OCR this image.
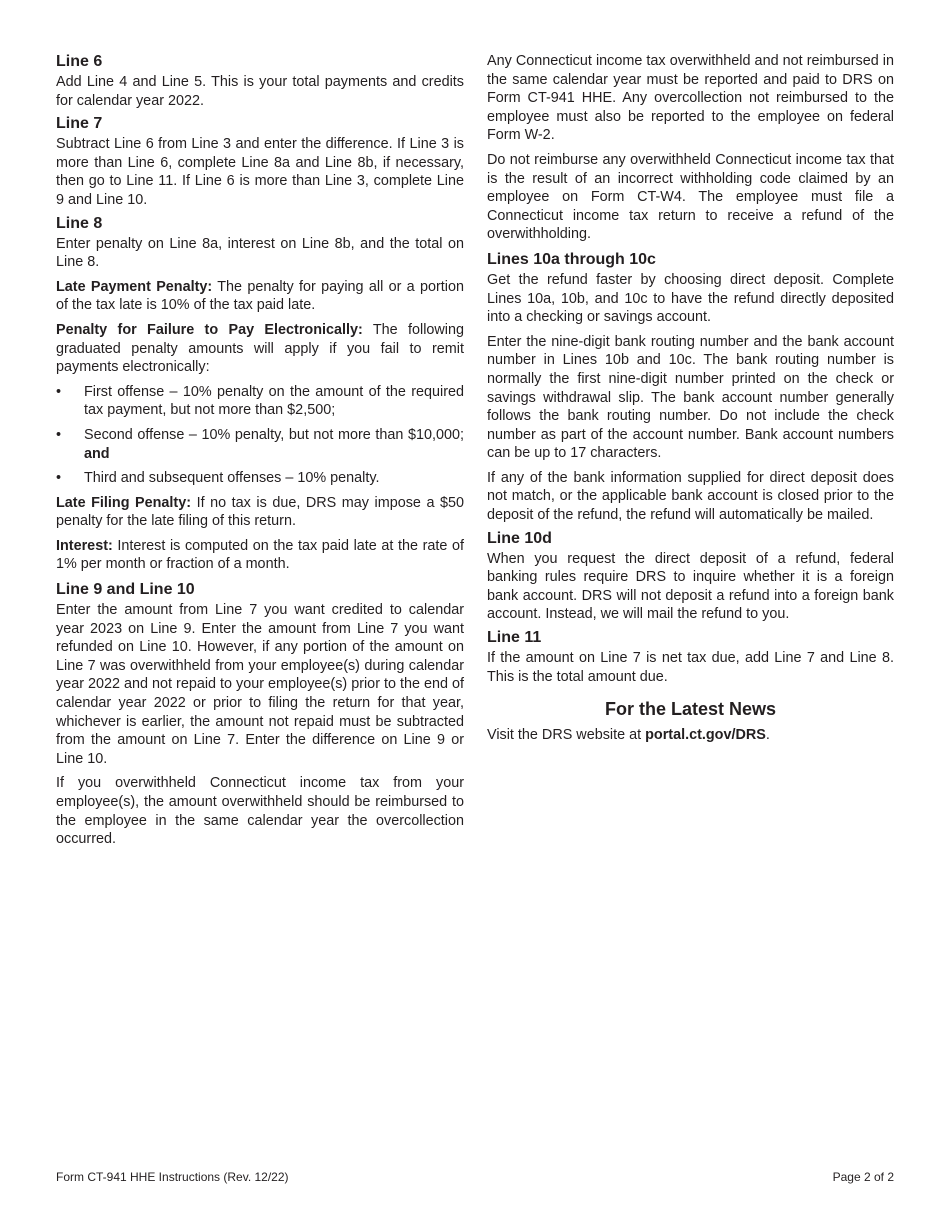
Line 6

Add Line 4 and Line 5. This is your total payments and credits for calendar year 2022.

Line 7

Subtract Line 6 from Line 3 and enter the difference. If Line 3 is more than Line 6, complete Line 8a and Line 8b, if necessary, then go to Line 11. If Line 6 is more than Line 3, complete Line 9 and Line 10.

Line 8

Enter penalty on Line 8a, interest on Line 8b, and the total on Line 8.

Late Payment Penalty: The penalty for paying all or a portion of the tax late is 10% of the tax paid late.

Penalty for Failure to Pay Electronically: The following graduated penalty amounts will apply if you fail to remit payments electronically:

• First offense – 10% penalty on the amount of the required tax payment, but not more than $2,500;
• Second offense – 10% penalty, but not more than $10,000; and
• Third and subsequent offenses – 10% penalty.

Late Filing Penalty: If no tax is due, DRS may impose a $50 penalty for the late filing of this return.

Interest: Interest is computed on the tax paid late at the rate of 1% per month or fraction of a month.

Line 9 and Line 10

Enter the amount from Line 7 you want credited to calendar year 2023 on Line 9. Enter the amount from Line 7 you want refunded on Line 10. However, if any portion of the amount on Line 7 was overwithheld from your employee(s) during calendar year 2022 and not repaid to your employee(s) prior to the end of calendar year 2022 or prior to filing the return for that year, whichever is earlier, the amount not repaid must be subtracted from the amount on Line 7. Enter the difference on Line 9 or Line 10.

If you overwithheld Connecticut income tax from your employee(s), the amount overwithheld should be reimbursed to the employee in the same calendar year the overcollection occurred.

Any Connecticut income tax overwithheld and not reimbursed in the same calendar year must be reported and paid to DRS on Form CT-941 HHE. Any overcollection not reimbursed to the employee must also be reported to the employee on federal Form W-2.

Do not reimburse any overwithheld Connecticut income tax that is the result of an incorrect withholding code claimed by an employee on Form CT-W4. The employee must file a Connecticut income tax return to receive a refund of the overwithholding.

Lines 10a through 10c

Get the refund faster by choosing direct deposit. Complete Lines 10a, 10b, and 10c to have the refund directly deposited into a checking or savings account.

Enter the nine-digit bank routing number and the bank account number in Lines 10b and 10c. The bank routing number is normally the first nine-digit number printed on the check or savings withdrawal slip. The bank account number generally follows the bank routing number. Do not include the check number as part of the account number. Bank account numbers can be up to 17 characters.

If any of the bank information supplied for direct deposit does not match, or the applicable bank account is closed prior to the deposit of the refund, the refund will automatically be mailed.

Line 10d

When you request the direct deposit of a refund, federal banking rules require DRS to inquire whether it is a foreign bank account. DRS will not deposit a refund into a foreign bank account. Instead, we will mail the refund to you.

Line 11

If the amount on Line 7 is net tax due, add Line 7 and Line 8. This is the total amount due.

For the Latest News

Visit the DRS website at portal.ct.gov/DRS.

Form CT-941 HHE Instructions (Rev. 12/22)	Page 2 of 2
